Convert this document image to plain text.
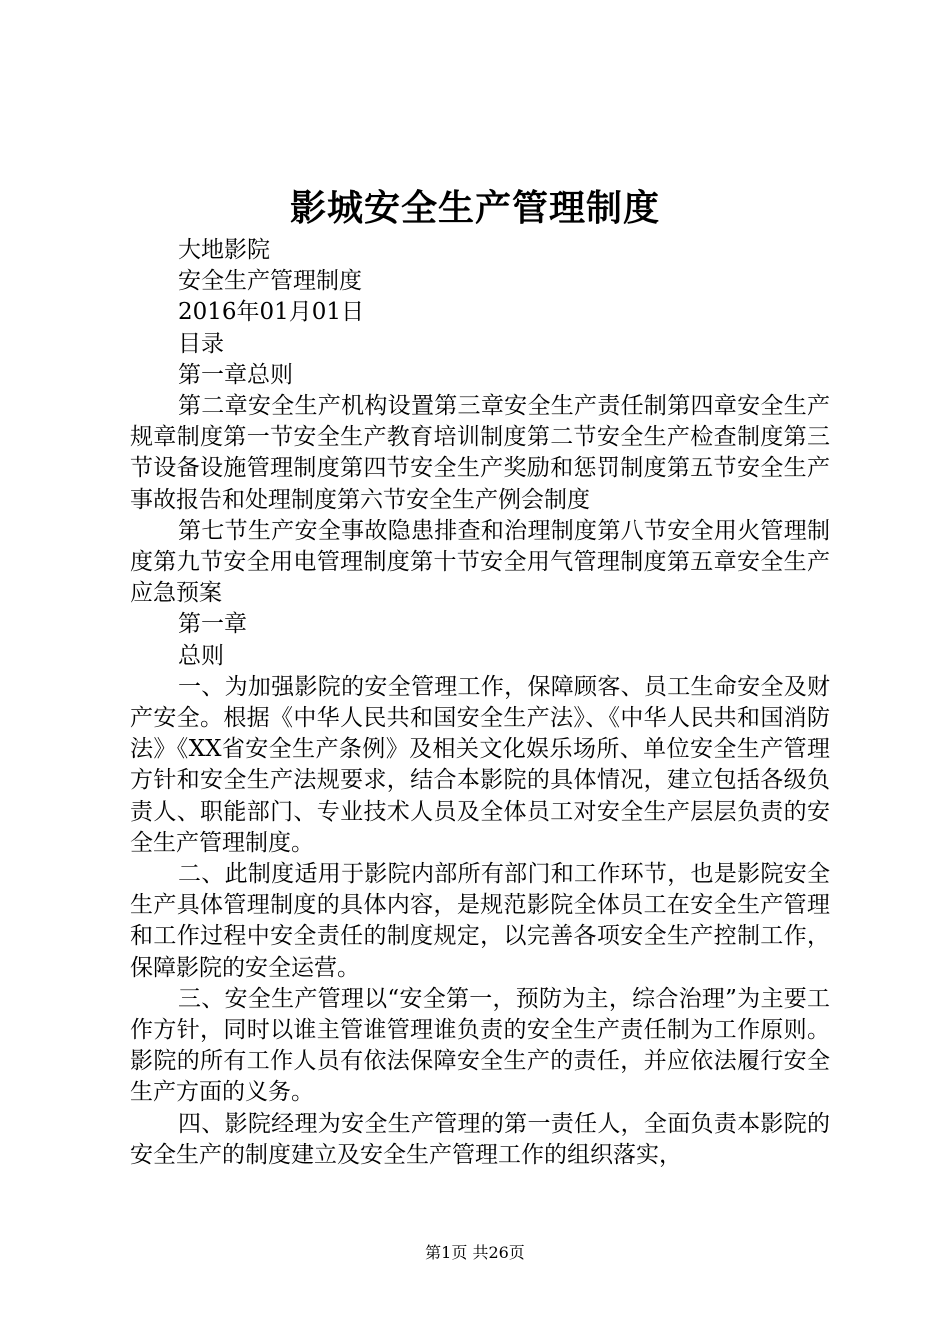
影城安全生产管理制度

大地影院

安全生产管理制度

2016年01月01日

目录

第一章总则

第二章安全生产机构设置第三章安全生产责任制第四章安全生产规章制度第一节安全生产教育培训制度第二节安全生产检查制度第三节设备设施管理制度第四节安全生产奖励和惩罚制度第五节安全生产事故报告和处理制度第六节安全生产例会制度

第七节生产安全事故隐患排查和治理制度第八节安全用火管理制度第九节安全用电管理制度第十节安全用气管理制度第五章安全生产应急预案

第一章

总则

一、为加强影院的安全管理工作，保障顾客、员工生命安全及财产安全。根据《中华人民共和国安全生产法》、《中华人民共和国消防法》《XX省安全生产条例》及相关文化娱乐场所、单位安全生产管理方针和安全生产法规要求，结合本影院的具体情况，建立包括各级负责人、职能部门、专业技术人员及全体员工对安全生产层层负责的安全生产管理制度。

二、此制度适用于影院内部所有部门和工作环节，也是影院安全生产具体管理制度的具体内容，是规范影院全体员工在安全生产管理和工作过程中安全责任的制度规定，以完善各项安全生产控制工作，保障影院的安全运营。

三、安全生产管理以“安全第一，预防为主，综合治理”为主要工作方针，同时以谁主管谁管理谁负责的安全生产责任制为工作原则。影院的所有工作人员有依法保障安全生产的责任，并应依法履行安全生产方面的义务。

四、影院经理为安全生产管理的第一责任人，全面负责本影院的安全生产的制度建立及安全生产管理工作的组织落实，

第1页 共26页
